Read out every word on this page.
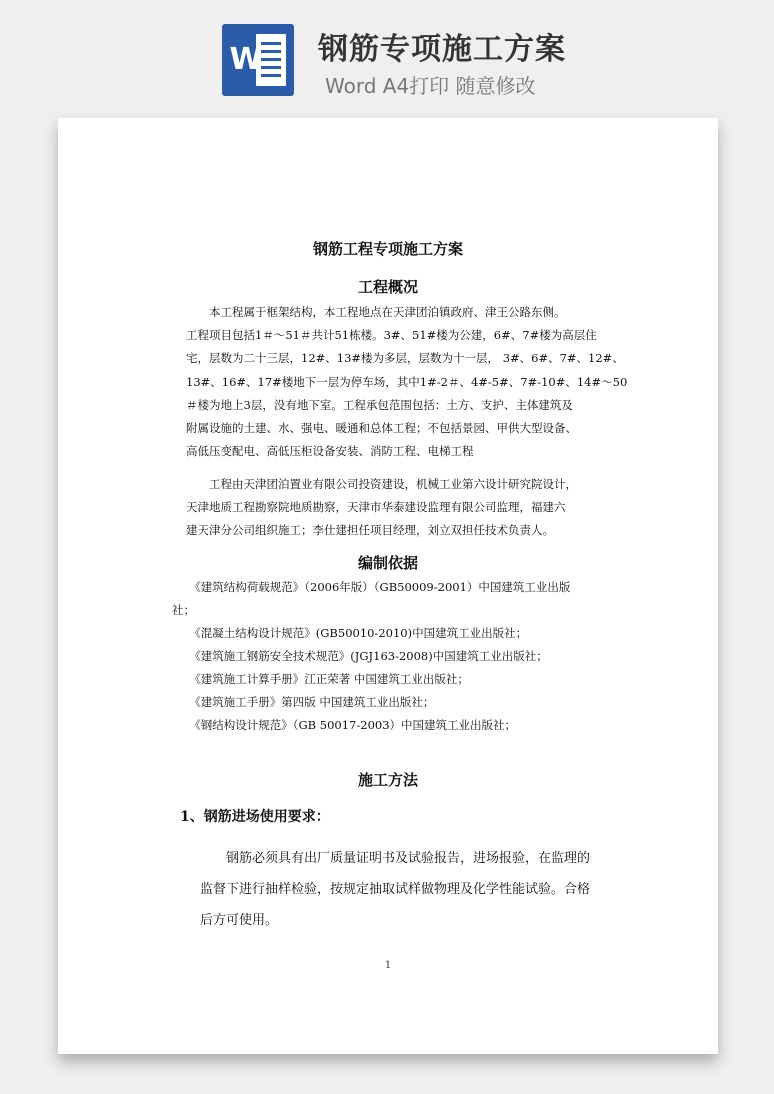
W 钢筋专项施工方案
Word A4打印 随意修改
钢筋工程专项施工方案
工程概况

　　本工程属于框架结构，本工程地点在天津团泊镇政府、津王公路东侧。
工程项目包括1＃～51＃共计51栋楼。3#、51#楼为公建，6#、7#楼为高层住
宅，层数为二十三层，12#、13#楼为多层，层数为十一层， 3#、6#、7#、12#、
13#、16#、17#楼地下一层为停车场，其中1#-2＃、4#-5#、7#-10#、14#～50
＃楼为地上3层，没有地下室。工程承包范围包括：土方、支护、主体建筑及
附属设施的土建、水、强电、暖通和总体工程；不包括景园、甲供大型设备、
高低压变配电、高低压柜设备安装、消防工程、电梯工程

　　工程由天津团泊置业有限公司投资建设，机械工业第六设计研究院设计，
天津地质工程勘察院地质勘察，天津市华泰建设监理有限公司监理，福建六
建天津分公司组织施工；李仕建担任项目经理，刘立双担任技术负责人。

编制依据

　　《建筑结构荷载规范》（2006年版）（GB50009-2001）中国建筑工业出版
社；
　　《混凝土结构设计规范》(GB50010-2010)中国建筑工业出版社；
　　《建筑施工钢筋安全技术规范》(JGJ163-2008)中国建筑工业出版社；
　　《建筑施工计算手册》江正荣著 中国建筑工业出版社；
　　《建筑施工手册》第四版 中国建筑工业出版社；
　　《钢结构设计规范》（GB 50017-2003）中国建筑工业出版社；

施工方法
1、钢筋进场使用要求：

　　钢筋必须具有出厂质量证明书及试验报告，进场报验，在监理的
监督下进行抽样检验，按规定抽取试样做物理及化学性能试验。合格
后方可使用。

1
